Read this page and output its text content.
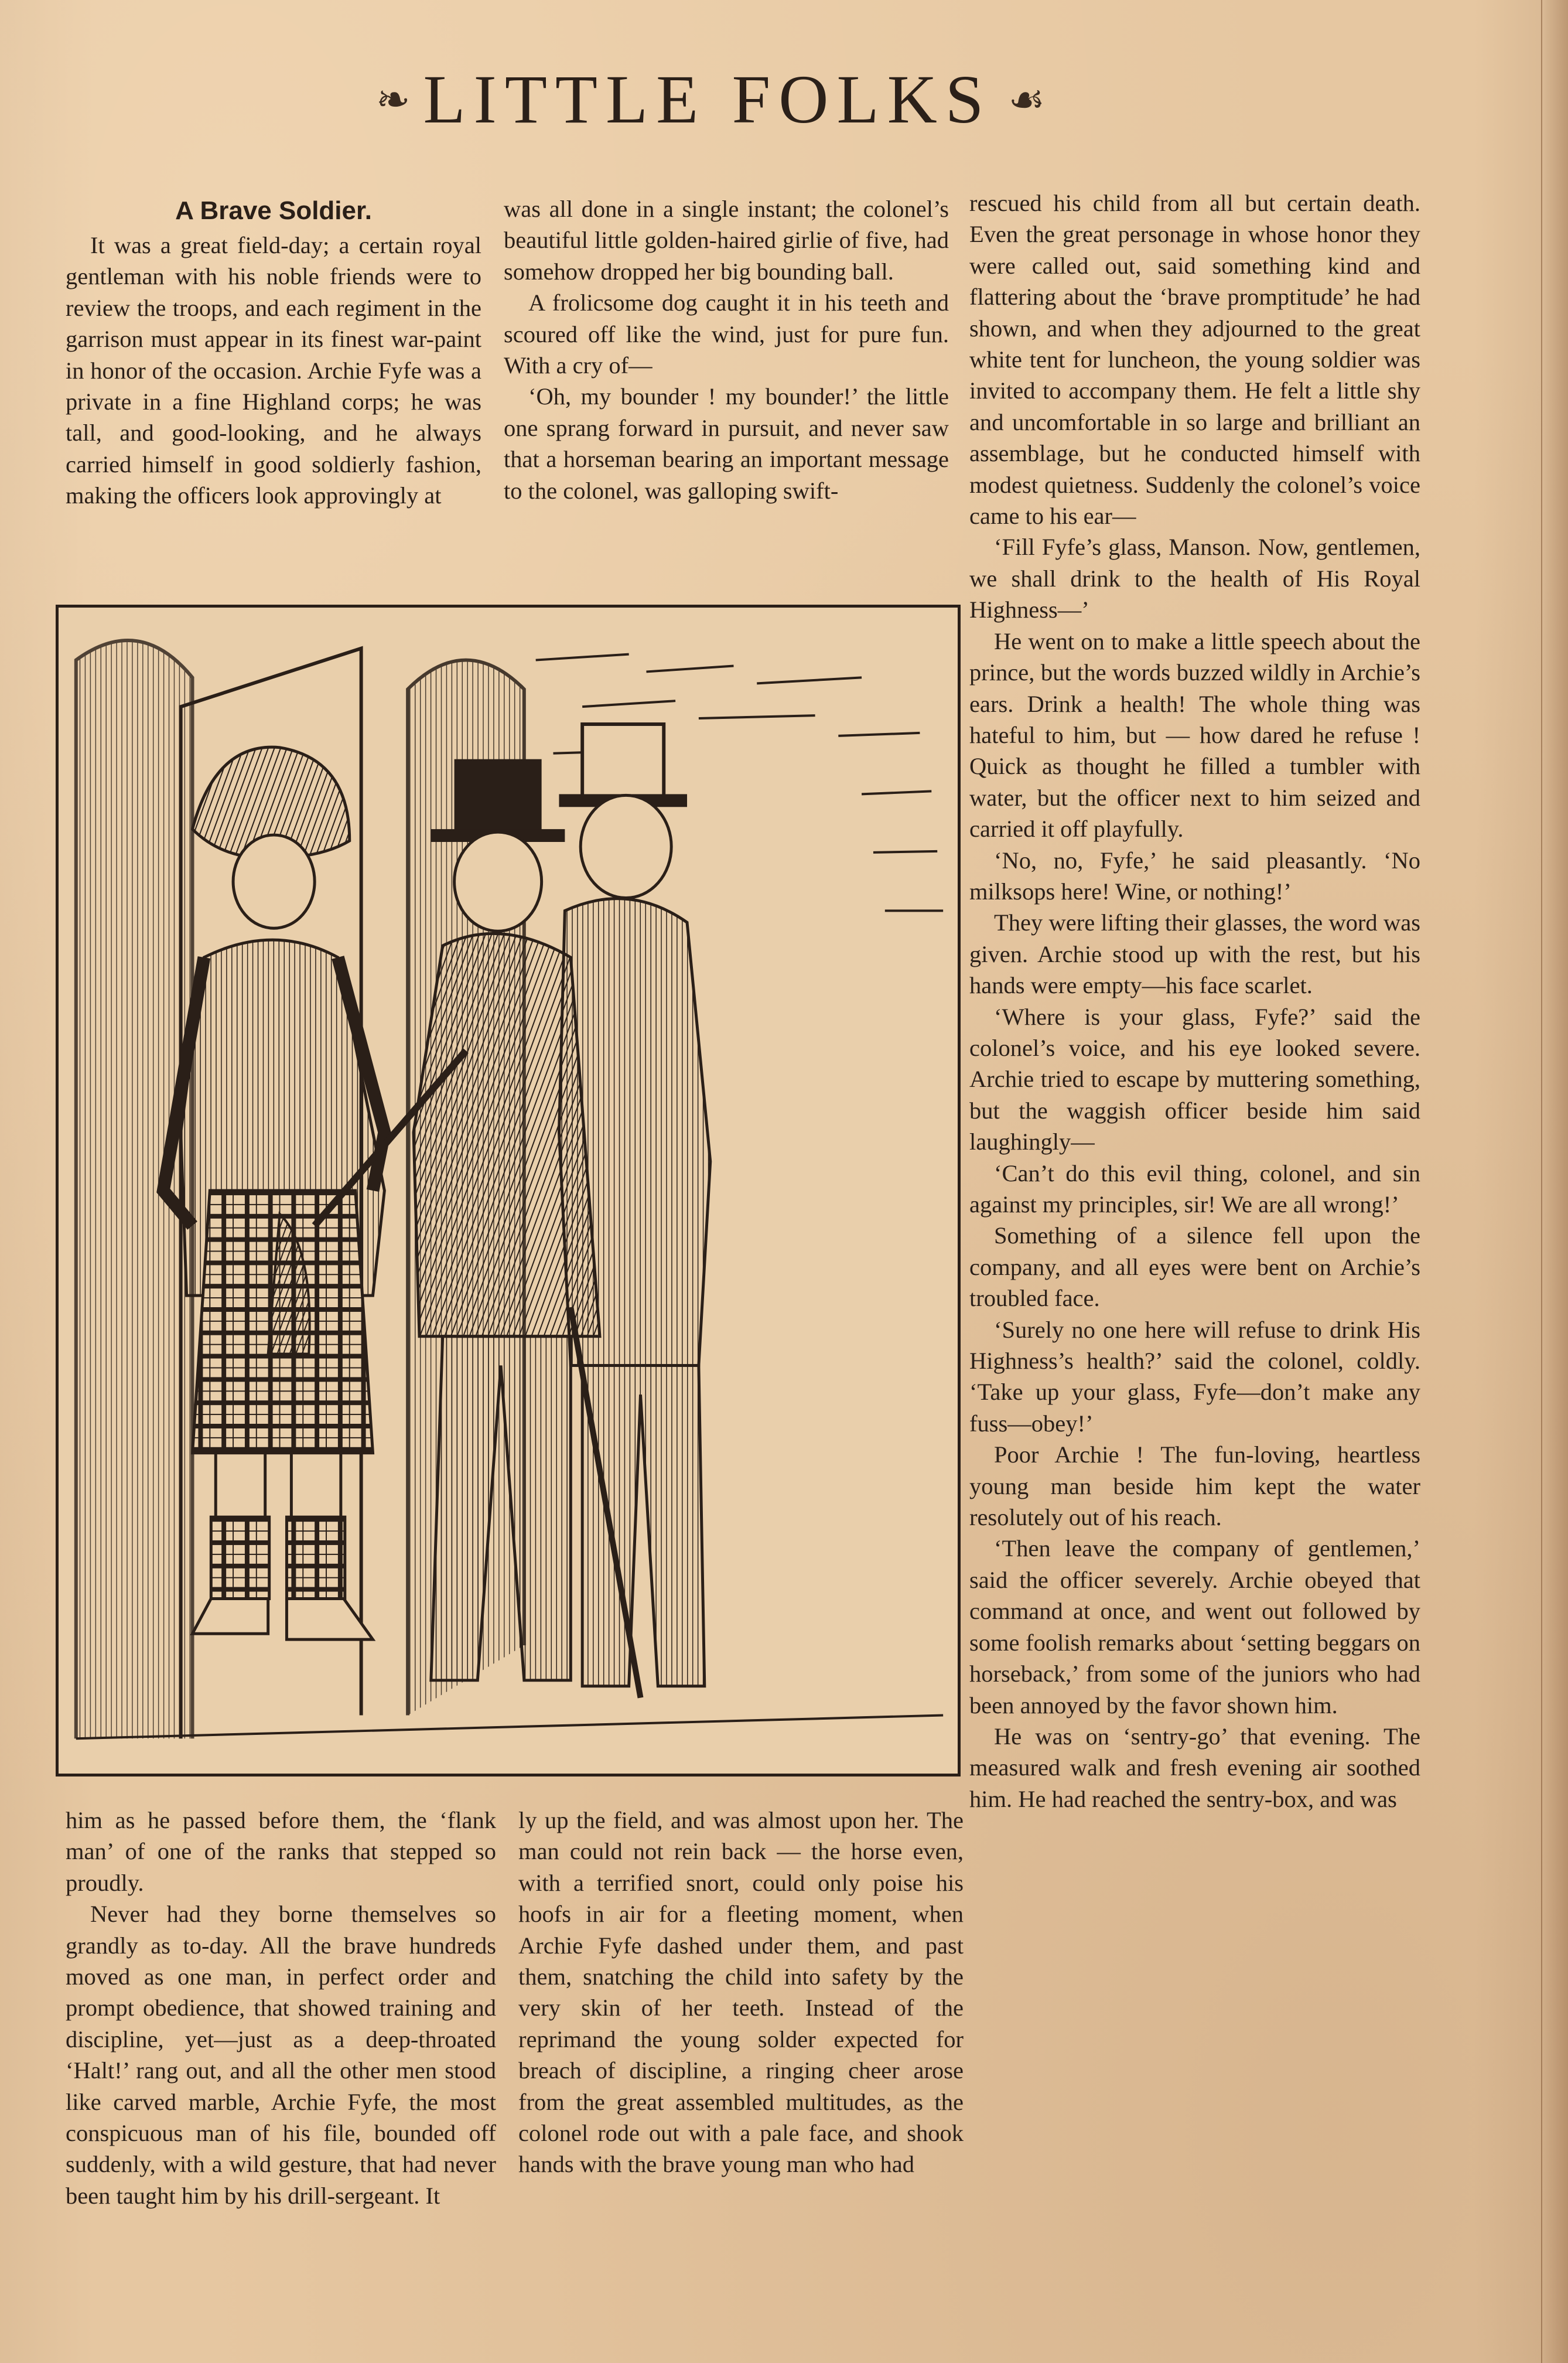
❧ LITTLE FOLKS ☙
A Brave Soldier.

It was a great field-day; a certain royal gentleman with his noble friends were to review the troops, and each regiment in the garrison must appear in its finest war-paint in honor of the occasion. Archie Fyfe was a private in a fine Highland corps; he was tall, and good-looking, and he always carried himself in good soldierly fashion, making the officers look approvingly at

was all done in a single instant; the colonel’s beautiful little golden-haired girlie of five, had somehow dropped her big bounding ball.

A frolicsome dog caught it in his teeth and scoured off like the wind, just for pure fun. With a cry of—

‘Oh, my bounder ! my bounder!’ the little one sprang forward in pursuit, and never saw that a horseman bearing an important message to the colonel, was galloping swift-

rescued his child from all but certain death. Even the great personage in whose honor they were called out, said something kind and flattering about the ‘brave promptitude’ he had shown, and when they adjourned to the great white tent for luncheon, the young soldier was invited to accompany them. He felt a little shy and uncomfortable in so large and brilliant an assemblage, but he conducted himself with modest quietness. Suddenly the colonel’s voice came to his ear—

‘Fill Fyfe’s glass, Manson. Now, gentlemen, we shall drink to the health of His Royal Highness—’

He went on to make a little speech about the prince, but the words buzzed wildly in Archie’s ears. Drink a health! The whole thing was hateful to him, but — how dared he refuse ! Quick as thought he filled a tumbler with water, but the officer next to him seized and carried it off playfully.

‘No, no, Fyfe,’ he said pleasantly. ‘No milksops here! Wine, or nothing!’

They were lifting their glasses, the word was given. Archie stood up with the rest, but his hands were empty—his face scarlet.

‘Where is your glass, Fyfe?’ said the colonel’s voice, and his eye looked severe. Archie tried to escape by muttering something, but the waggish officer beside him said laughingly—

‘Can’t do this evil thing, colonel, and sin against my principles, sir! We are all wrong!’

Something of a silence fell upon the company, and all eyes were bent on Archie’s troubled face.

‘Surely no one here will refuse to drink His Highness’s health?’ said the colonel, coldly. ‘Take up your glass, Fyfe—don’t make any fuss—obey!’

Poor Archie ! The fun-loving, heartless young man beside him kept the water resolutely out of his reach.

‘Then leave the company of gentlemen,’ said the officer severely. Archie obeyed that command at once, and went out followed by some foolish remarks about ‘setting beggars on horseback,’ from some of the juniors who had been annoyed by the favor shown him.

He was on ‘sentry-go’ that evening. The measured walk and fresh evening air soothed him. He had reached the sentry-box, and was

him as he passed before them, the ‘flank man’ of one of the ranks that stepped so proudly.

Never had they borne themselves so grandly as to-day. All the brave hundreds moved as one man, in perfect order and prompt obedience, that showed training and discipline, yet—just as a deep-throated ‘Halt!’ rang out, and all the other men stood like carved marble, Archie Fyfe, the most conspicuous man of his file, bounded off suddenly, with a wild gesture, that had never been taught him by his drill-sergeant. It

ly up the field, and was almost upon her. The man could not rein back — the horse even, with a terrified snort, could only poise his hoofs in air for a fleeting moment, when Archie Fyfe dashed under them, and past them, snatching the child into safety by the very skin of her teeth. Instead of the reprimand the young solder expected for breach of discipline, a ringing cheer arose from the great assembled multitudes, as the colonel rode out with a pale face, and shook hands with the brave young man who had
